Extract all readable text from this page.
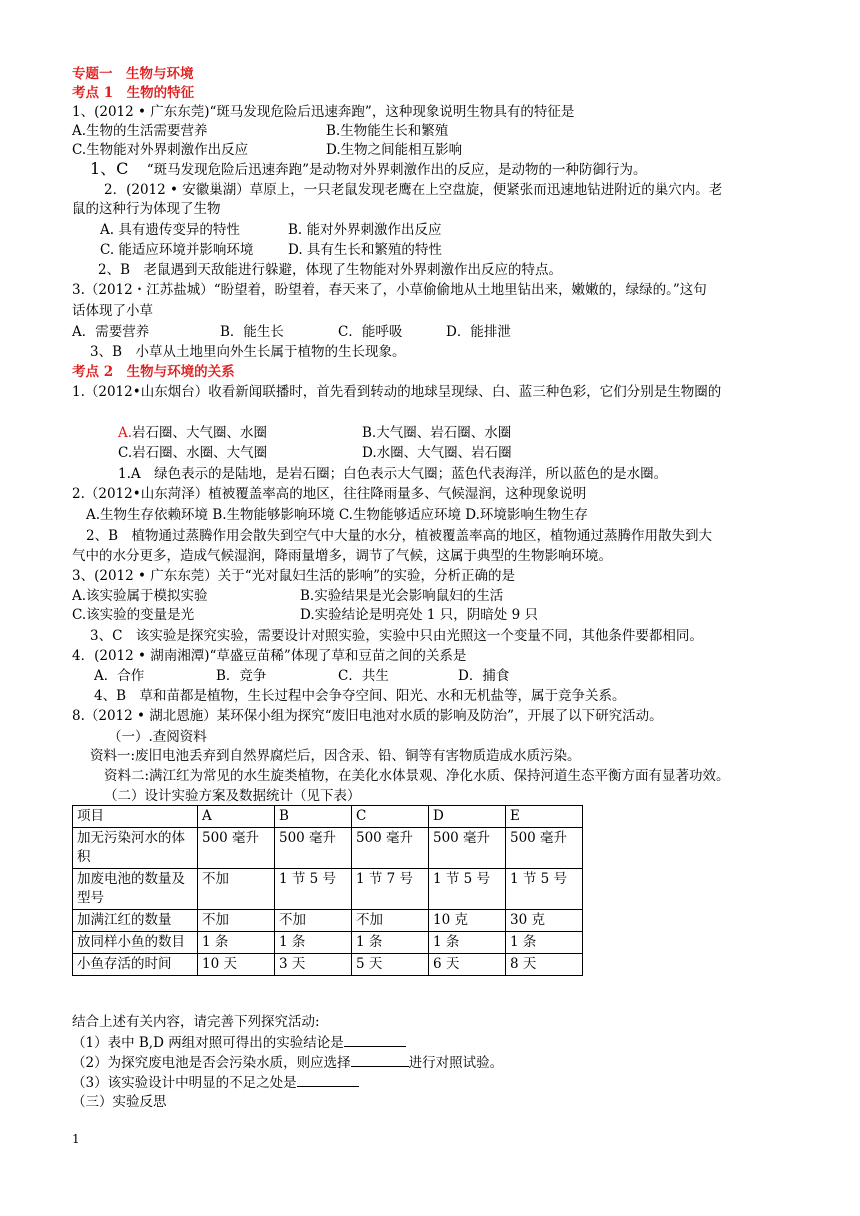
专题一　生物与环境
考点 1　生物的特征
1、(2012 • 广东东莞)“斑马发现危险后迅速奔跑”，这种现象说明生物具有的特征是
A.生物的生活需要营养	B.生物能生长和繁殖
C.生物能对外界刺激作出反应	D.生物之间能相互影响
1、C “斑马发现危险后迅速奔跑”是动物对外界刺激作出的反应，是动物的一种防御行为。
2．(2012 • 安徽巢湖）草原上，一只老鼠发现老鹰在上空盘旋，便紧张而迅速地钻进附近的巢穴内。老
鼠的这种行为体现了生物
A. 具有遗传变异的特性	B. 能对外界刺激作出反应
C. 能适应环境并影响环境	D. 具有生长和繁殖的特性
2、B　老鼠遇到天敌能进行躲避，体现了生物能对外界刺激作出反应的特点。
3.（2012・江苏盐城）“盼望着，盼望着，春天来了，小草偷偷地从土地里钻出来，嫩嫩的，绿绿的。”这句
话体现了小草
A．需要营养	B．能生长	C．能呼吸	D．能排泄
3、B　小草从土地里向外生长属于植物的生长现象。
考点 2　生物与环境的关系
1.（2012•山东烟台）收看新闻联播时，首先看到转动的地球呈现绿、白、蓝三种色彩，它们分别是生物圈的
A.岩石圈、大气圈、水圈	B.大气圈、岩石圈、水圈
C.岩石圈、水圈、大气圈	D.水圈、大气圈、岩石圈
1.A　绿色表示的是陆地，是岩石圈；白色表示大气圈；蓝色代表海洋，所以蓝色的是水圈。
2.（2012•山东菏泽）植被覆盖率高的地区，往往降雨量多、气候湿润，这种现象说明
A.生物生存依赖环境 B.生物能够影响环境 C.生物能够适应环境 D.环境影响生物生存
2、B　植物通过蒸腾作用会散失到空气中大量的水分，植被覆盖率高的地区，植物通过蒸腾作用散失到大
气中的水分更多，造成气候湿润，降雨量增多，调节了气候，这属于典型的生物影响环境。
3、(2012 • 广东东莞）关于“光对鼠妇生活的影响”的实验，分析正确的是
A.该实验属于模拟实验	B.实验结果是光会影响鼠妇的生活
C.该实验的变量是光	D.实验结论是明亮处 1 只，阴暗处 9 只
3、C　该实验是探究实验，需要设计对照实验，实验中只由光照这一个变量不同，其他条件要都相同。
4．(2012 • 湖南湘潭)“草盛豆苗稀”体现了草和豆苗之间的关系是
A．合作	B．竞争	C．共生	D．捕食
4、B　草和苗都是植物，生长过程中会争夺空间、阳光、水和无机盐等，属于竞争关系。
8.（2012 • 湖北恩施）某环保小组为探究“废旧电池对水质的影响及防治”，开展了以下研究活动。
（一）.查阅资料
资料一:废旧电池丢弃到自然界腐烂后，因含汞、铅、铜等有害物质造成水质污染。
资料二:满江红为常见的水生旋类植物，在美化水体景观、净化水质、保持河道生态平衡方面有显著功效。
（二）设计实验方案及数据统计（见下表）
项目	A	B	C	D	E
加无污染河水的体积	500 毫升	500 毫升	500 毫升	500 毫升	500 毫升
加废电池的数量及型号	不加	1 节 5 号	1 节 7 号	1 节 5 号	1 节 5 号
加满江红的数量	不加	不加	不加	10 克	30 克
放同样小鱼的数目	1 条	1 条	1 条	1 条	1 条
小鱼存活的时间	10 天	3 天	5 天	6 天	8 天
结合上述有关内容，请完善下列探究活动:
（1）表中 B,D 两组对照可得出的实验结论是
（2）为探究废电池是否会污染水质，则应选择	进行对照试验。
（3）该实验设计中明显的不足之处是
（三）实验反思
1
